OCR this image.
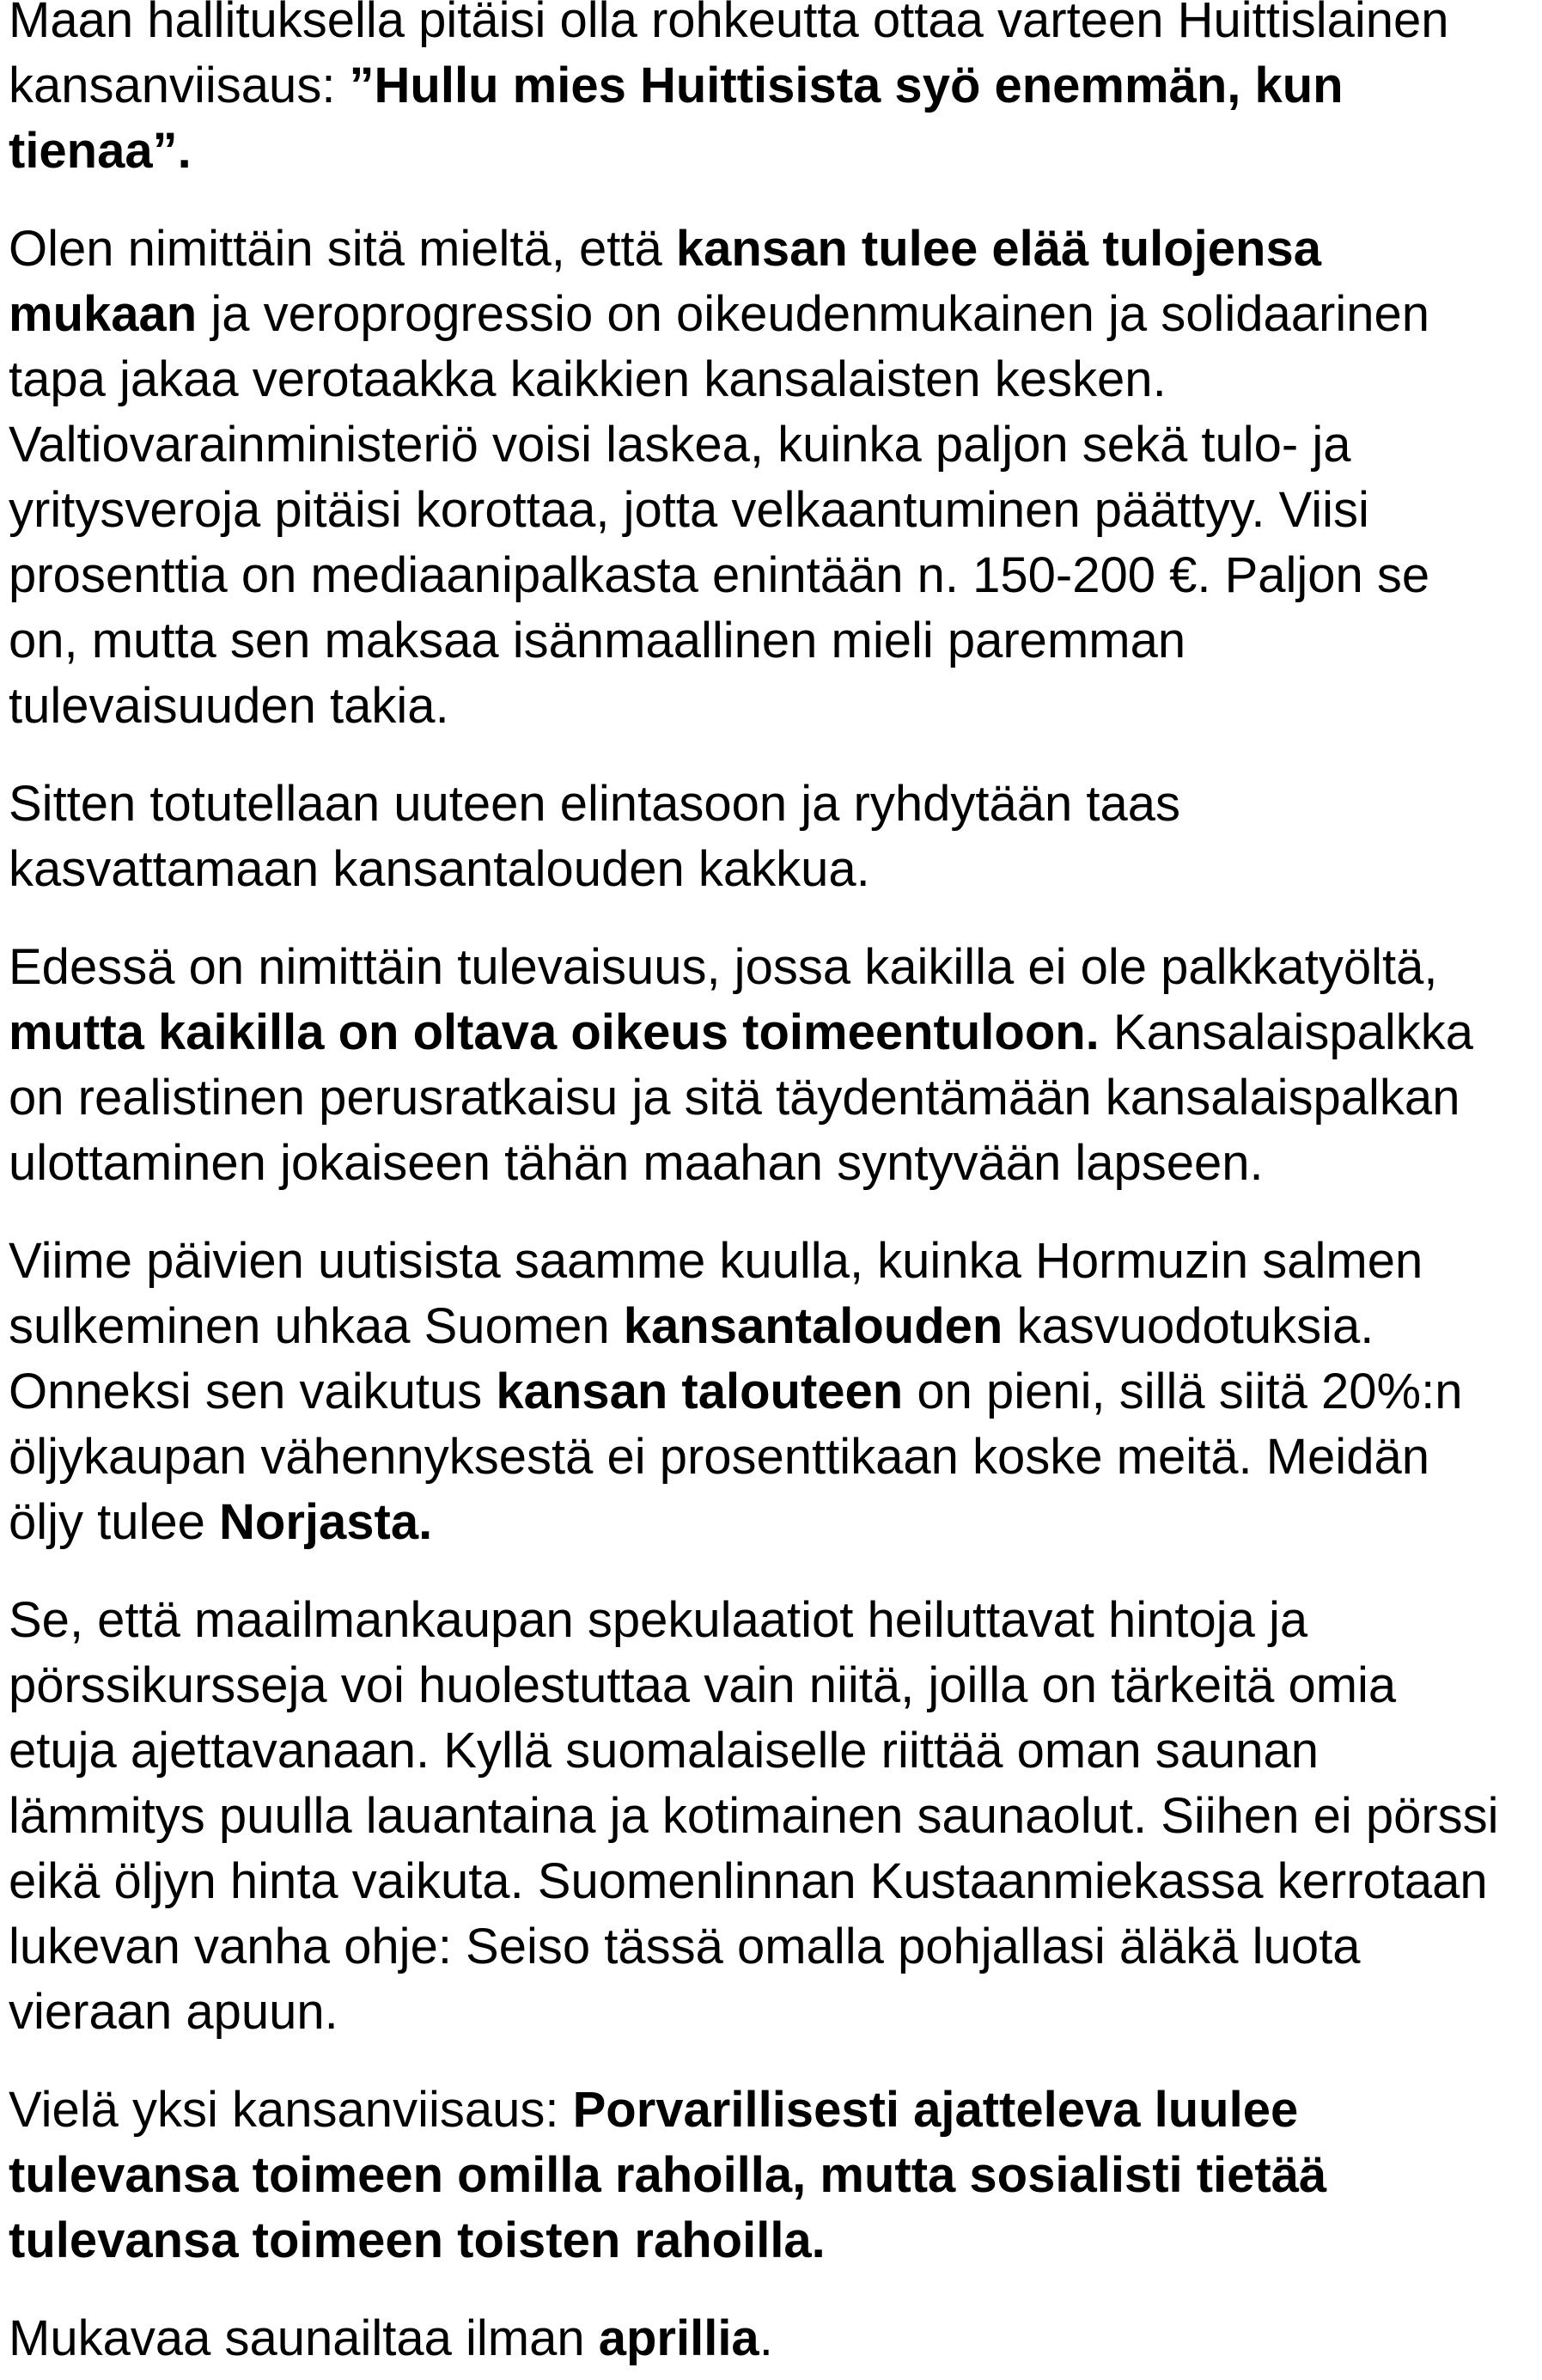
Maan hallituksella pitäisi olla rohkeutta ottaa varteen Huittislainen
kansanviisaus: ”Hullu mies Huittisista syö enemmän, kun
tienaa”.
Olen nimittäin sitä mieltä, että kansan tulee elää tulojensa
mukaan ja veroprogressio on oikeudenmukainen ja solidaarinen
tapa jakaa verotaakka kaikkien kansalaisten kesken.
Valtiovarainministeriö voisi laskea, kuinka paljon sekä tulo- ja
yritysveroja pitäisi korottaa, jotta velkaantuminen päättyy. Viisi
prosenttia on mediaanipalkasta enintään n. 150-200 €. Paljon se
on, mutta sen maksaa isänmaallinen mieli paremman
tulevaisuuden takia.
Sitten totutellaan uuteen elintasoon ja ryhdytään taas
kasvattamaan kansantalouden kakkua.
Edessä on nimittäin tulevaisuus, jossa kaikilla ei ole palkkatyöltä,
mutta kaikilla on oltava oikeus toimeentuloon. Kansalaispalkka
on realistinen perusratkaisu ja sitä täydentämään kansalaispalkan
ulottaminen jokaiseen tähän maahan syntyvään lapseen.
Viime päivien uutisista saamme kuulla, kuinka Hormuzin salmen
sulkeminen uhkaa Suomen kansantalouden kasvuodotuksia.
Onneksi sen vaikutus kansan talouteen on pieni, sillä siitä 20%:n
öljykaupan vähennyksestä ei prosenttikaan koske meitä. Meidän
öljy tulee Norjasta.
Se, että maailmankaupan spekulaatiot heiluttavat hintoja ja
pörssikursseja voi huolestuttaa vain niitä, joilla on tärkeitä omia
etuja ajettavanaan. Kyllä suomalaiselle riittää oman saunan
lämmitys puulla lauantaina ja kotimainen saunaolut. Siihen ei pörssi
eikä öljyn hinta vaikuta. Suomenlinnan Kustaanmiekassa kerrotaan
lukevan vanha ohje: Seiso tässä omalla pohjallasi äläkä luota
vieraan apuun.
Vielä yksi kansanviisaus: Porvarillisesti ajatteleva luulee
tulevansa toimeen omilla rahoilla, mutta sosialisti tietää
tulevansa toimeen toisten rahoilla.
Mukavaa saunailtaa ilman aprillia.
